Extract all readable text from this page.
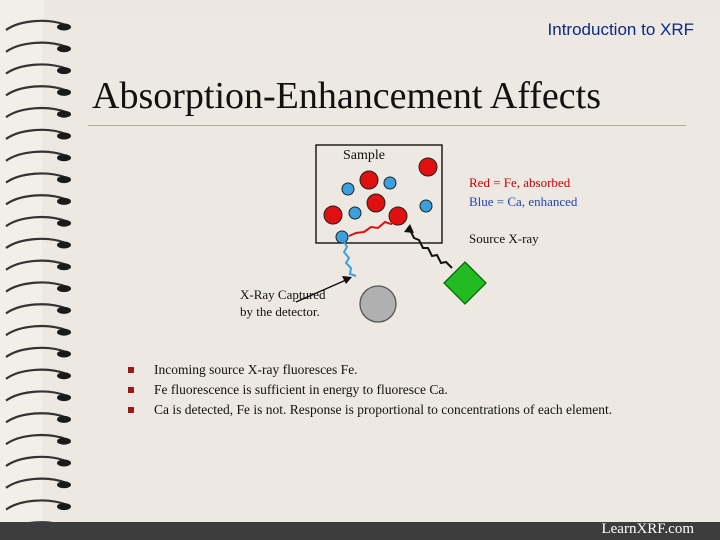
Introduction to XRF
Absorption-Enhancement Affects
Sample
Red = Fe, absorbed
Blue = Ca, enhanced
Source X-ray
X-Ray Captured
by the detector.
Incoming source X-ray fluoresces Fe.
Fe fluorescence is sufficient in energy to fluoresce Ca.
Ca is detected, Fe is not. Response is proportional to concentrations of each element.
LearnXRF.com
